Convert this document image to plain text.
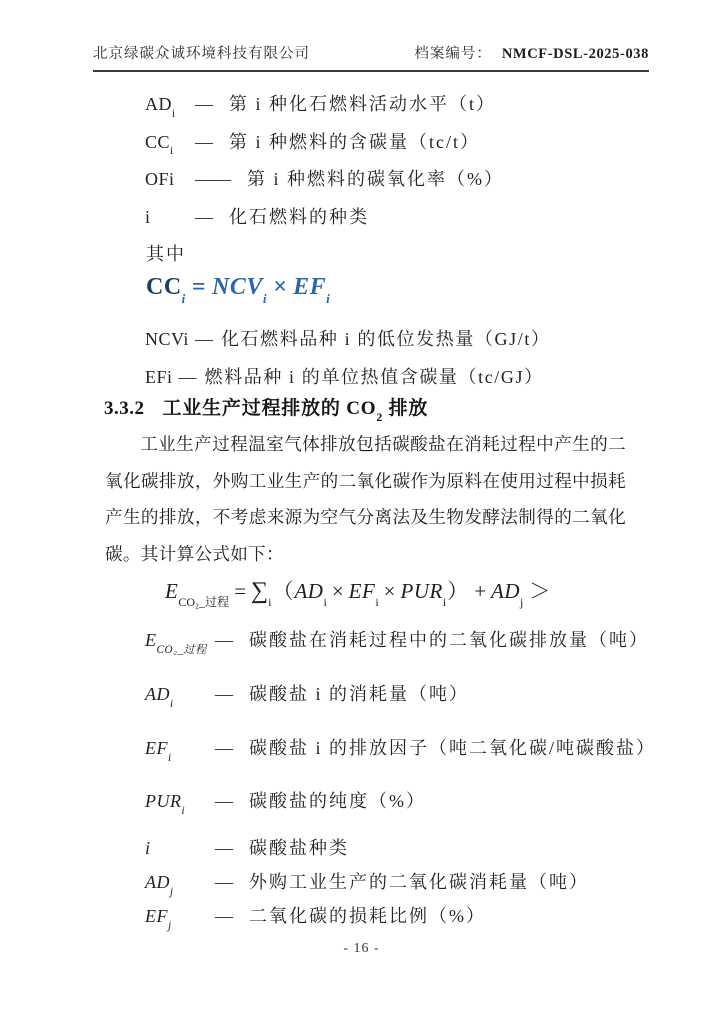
北京绿碳众诚环境科技有限公司	档案编号： NMCF-DSL-2025-038
$AD_i$	— 第 i 种化石燃料活动水平（t）
$CC_i$	— 第 i 种燃料的含碳量（tc/t）
OFi	—— 第 i 种燃料的碳氧化率（%）
i	— 化石燃料的种类
其中
$CC_i = NCV_i \times EF_i$
NCVi — 化石燃料品种 i 的低位发热量（GJ/t）
EFi — 燃料品种 i 的单位热值含碳量（tc/GJ）
3.3.2 工业生产过程排放的 $CO_2$ 排放
工业生产过程温室气体排放包括碳酸盐在消耗过程中产生的二氧化碳排放，外购工业生产的二氧化碳作为原料在使用过程中损耗产生的排放，不考虑来源为空气分离法及生物发酵法制得的二氧化碳。其计算公式如下：
$E_{CO_2\_过程} = \sum_i(AD_i \times EF_i \times PUR_i) + AD_j$ ＞
$E_{CO_2\_过程}$ — 碳酸盐在消耗过程中的二氧化碳排放量（吨）
$AD_i$	— 碳酸盐 i 的消耗量（吨）
$EF_i$	— 碳酸盐 i 的排放因子（吨二氧化碳/吨碳酸盐）
$PUR_i$	— 碳酸盐的纯度（%）
i	— 碳酸盐种类
$AD_j$	— 外购工业生产的二氧化碳消耗量（吨）
$EF_j$	— 二氧化碳的损耗比例（%）
- 16 -
